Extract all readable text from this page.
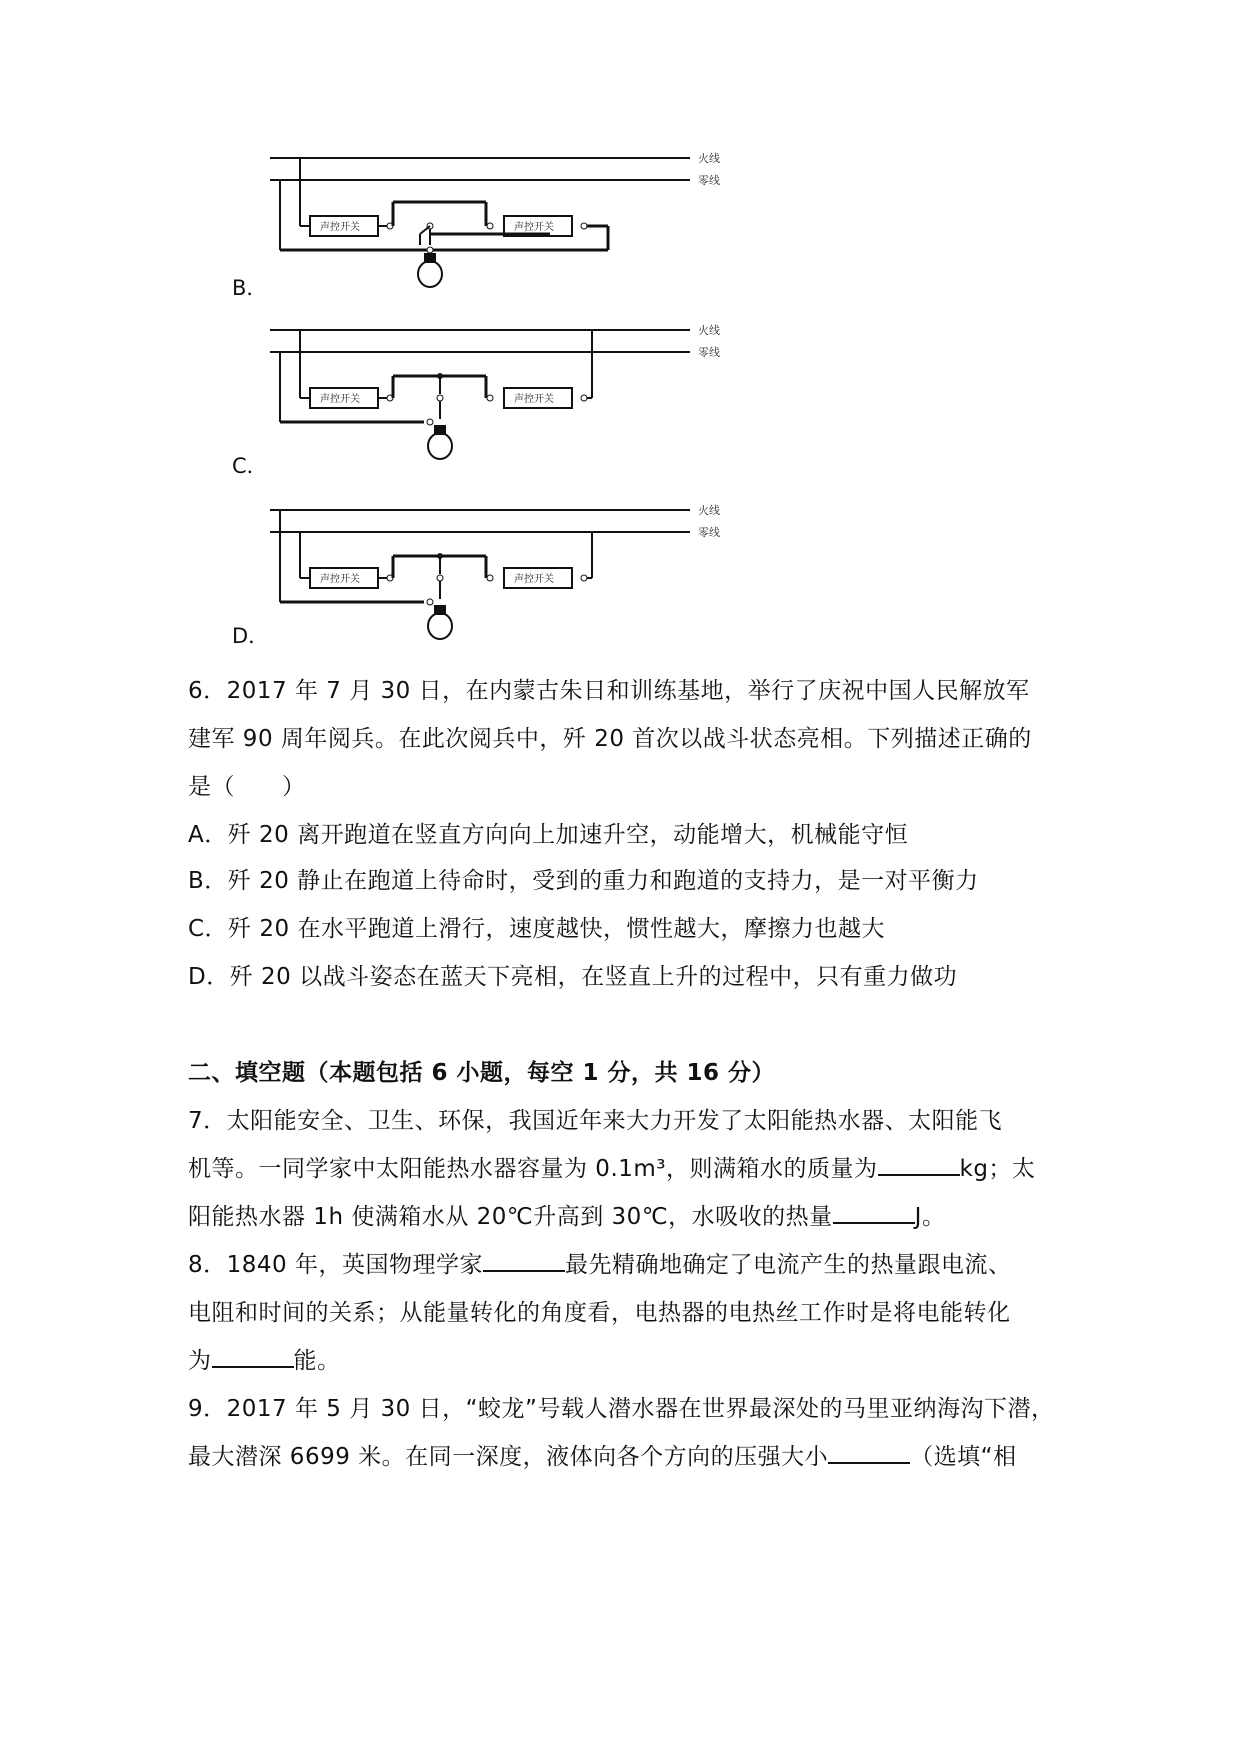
火线
零线
声控开关	声控开关
B．
火线
零线
声控开关	声控开关
C．
火线
零线
声控开关	声控开关
D．
6．2017 年 7 月 30 日，在内蒙古朱日和训练基地，举行了庆祝中国人民解放军
建军 90 周年阅兵。在此次阅兵中，歼 20 首次以战斗状态亮相。下列描述正确的
是（　　）
A．歼 20 离开跑道在竖直方向向上加速升空，动能增大，机械能守恒
B．歼 20 静止在跑道上待命时，受到的重力和跑道的支持力，是一对平衡力
C．歼 20 在水平跑道上滑行，速度越快，惯性越大，摩擦力也越大
D．歼 20 以战斗姿态在蓝天下亮相，在竖直上升的过程中，只有重力做功
二、填空题（本题包括 6 小题，每空 1 分，共 16 分）
7．太阳能安全、卫生、环保，我国近年来大力开发了太阳能热水器、太阳能飞
机等。一同学家中太阳能热水器容量为 0.1m³，则满箱水的质量为	kg；太
阳能热水器 1h 使满箱水从 20℃升高到 30℃，水吸收的热量	J。
8．1840 年，英国物理学家	最先精确地确定了电流产生的热量跟电流、
电阻和时间的关系；从能量转化的角度看，电热器的电热丝工作时是将电能转化
为	能。
9．2017 年 5 月 30 日，“蛟龙”号载人潜水器在世界最深处的马里亚纳海沟下潜，
最大潜深 6699 米。在同一深度，液体向各个方向的压强大小	（选填“相
